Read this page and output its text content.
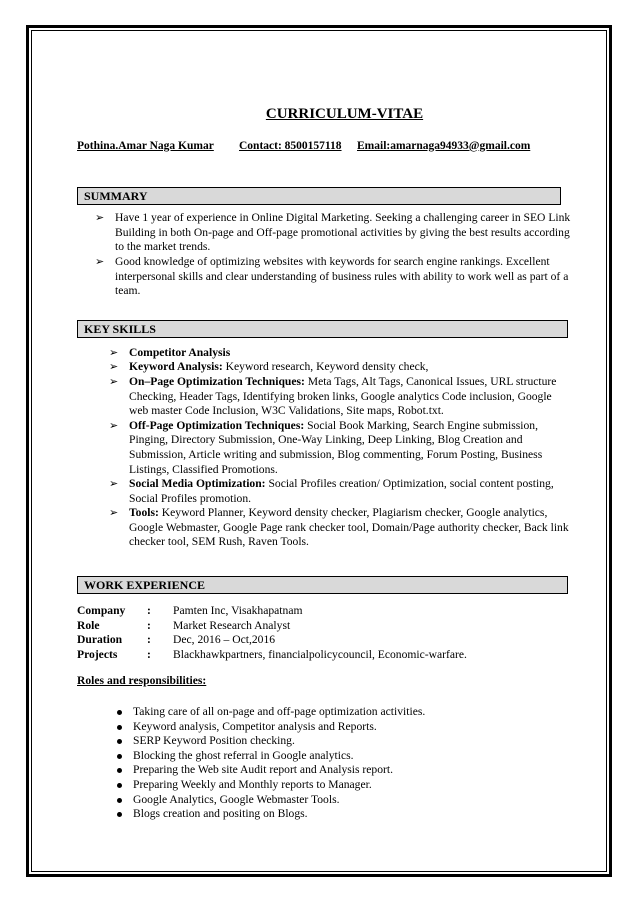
CURRICULUM-VITAE
Pothina.Amar Naga Kumar	Contact: 8500157118	Email:amarnaga94933@gmail.com
SUMMARY
➢ Have 1 year of experience in Online Digital Marketing. Seeking a challenging career in SEO Link Building in both On-page and Off-page promotional activities by giving the best results according to the market trends.
➢ Good knowledge of optimizing websites with keywords for search engine rankings. Excellent interpersonal skills and clear understanding of business rules with ability to work well as part of a team.
KEY SKILLS
➢ Competitor Analysis
➢ Keyword Analysis: Keyword research, Keyword density check,
➢ On–Page Optimization Techniques: Meta Tags, Alt Tags, Canonical Issues, URL structure Checking, Header Tags, Identifying broken links, Google analytics Code inclusion, Google web master Code Inclusion, W3C Validations, Site maps, Robot.txt.
➢ Off-Page Optimization Techniques: Social Book Marking, Search Engine submission, Pinging, Directory Submission, One-Way Linking, Deep Linking, Blog Creation and Submission, Article writing and submission, Blog commenting, Forum Posting, Business Listings, Classified Promotions.
➢ Social Media Optimization: Social Profiles creation/ Optimization, social content posting, Social Profiles promotion.
➢ Tools: Keyword Planner, Keyword density checker, Plagiarism checker, Google analytics, Google Webmaster, Google Page rank checker tool, Domain/Page authority checker, Back link checker tool, SEM Rush, Raven Tools.
WORK EXPERIENCE
Company	:	Pamten Inc, Visakhapatnam
Role	:	Market Research Analyst
Duration	:	Dec, 2016 – Oct,2016
Projects	:	Blackhawkpartners, financialpolicycouncil, Economic-warfare.
Roles and responsibilities:
Taking care of all on-page and off-page optimization activities.
Keyword analysis, Competitor analysis and Reports.
SERP Keyword Position checking.
Blocking the ghost referral in Google analytics.
Preparing the Web site Audit report and Analysis report.
Preparing Weekly and Monthly reports to Manager.
Google Analytics, Google Webmaster Tools.
Blogs creation and positing on Blogs.
